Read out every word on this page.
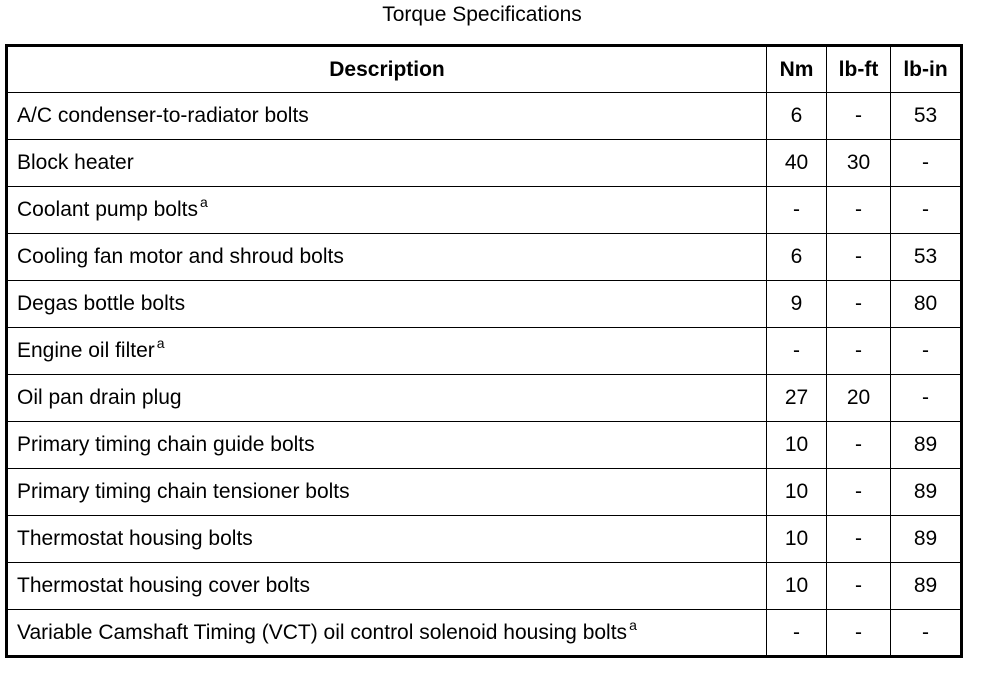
Torque Specifications
Description	Nm	lb-ft	lb-in
A/C condenser-to-radiator bolts	6	-	53
Block heater	40	30	-
Coolant pump bolts $^a$	-	-	-
Cooling fan motor and shroud bolts	6	-	53
Degas bottle bolts	9	-	80
Engine oil filter $^a$	-	-	-
Oil pan drain plug	27	20	-
Primary timing chain guide bolts	10	-	89
Primary timing chain tensioner bolts	10	-	89
Thermostat housing bolts	10	-	89
Thermostat housing cover bolts	10	-	89
Variable Camshaft Timing (VCT) oil control solenoid housing bolts $^a$	-	-	-
